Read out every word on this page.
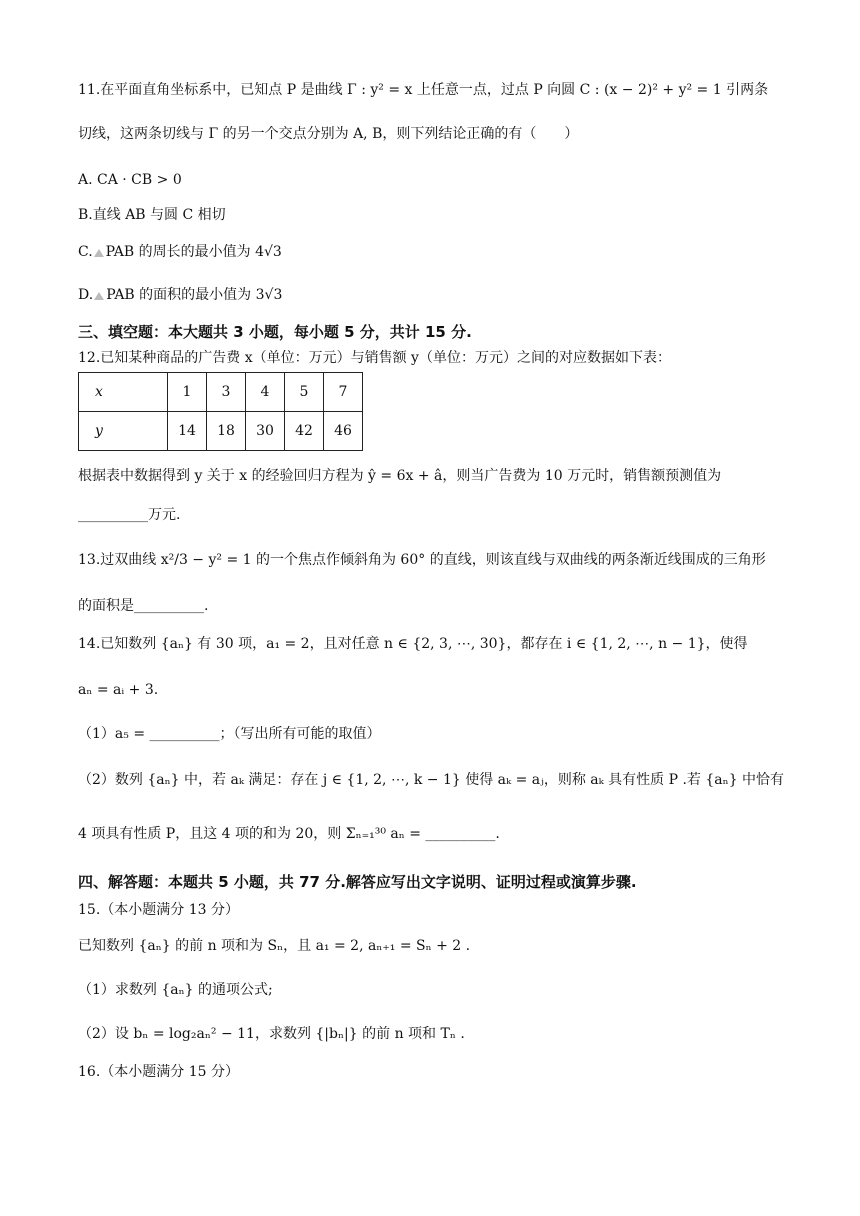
11.在平面直角坐标系中，已知点 P 是曲线 Γ : y² = x 上任意一点，过点 P 向圆 C : (x − 2)² + y² = 1 引两条
切线，这两条切线与 Γ 的另一个交点分别为 A, B，则下列结论正确的有（　　）
A. CA · CB > 0
B.直线 AB 与圆 C 相切
C. PAB 的周长的最小值为 4√3
D. PAB 的面积的最小值为 3√3
三、填空题：本大题共 3 小题，每小题 5 分，共计 15 分.
12.已知某种商品的广告费 x（单位：万元）与销售额 y（单位：万元）之间的对应数据如下表：
x	1	3	4	5	7
y	14	18	30	42	46
根据表中数据得到 y 关于 x 的经验回归方程为 ŷ = 6x + â，则当广告费为 10 万元时，销售额预测值为
__________万元.
13.过双曲线 x²/3 − y² = 1 的一个焦点作倾斜角为 60° 的直线，则该直线与双曲线的两条渐近线围成的三角形
的面积是__________.
14.已知数列 {aₙ} 有 30 项，a₁ = 2，且对任意 n ∈ {2, 3, ⋯, 30}，都存在 i ∈ {1, 2, ⋯, n − 1}，使得
aₙ = aᵢ + 3.
（1）a₅ = __________；（写出所有可能的取值）
（2）数列 {aₙ} 中，若 aₖ 满足：存在 j ∈ {1, 2, ⋯, k − 1} 使得 aₖ = aⱼ，则称 aₖ 具有性质 P .若 {aₙ} 中恰有
4 项具有性质 P，且这 4 项的和为 20，则 Σₙ₌₁³⁰ aₙ = __________.
四、解答题：本题共 5 小题，共 77 分.解答应写出文字说明、证明过程或演算步骤.
15.（本小题满分 13 分）
已知数列 {aₙ} 的前 n 项和为 Sₙ，且 a₁ = 2, aₙ₊₁ = Sₙ + 2 .
（1）求数列 {aₙ} 的通项公式;
（2）设 bₙ = log₂aₙ² − 11，求数列 {|bₙ|} 的前 n 项和 Tₙ .
16.（本小题满分 15 分）
